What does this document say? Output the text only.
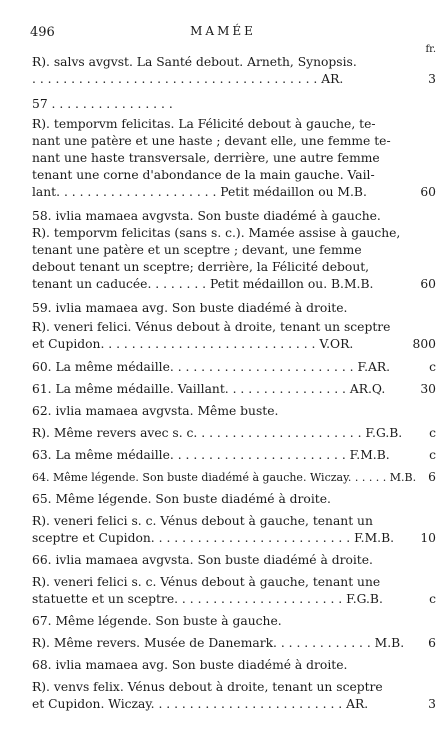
496	MAMÉE
fr.
Ɍ). salvs avgvst. La Santé debout. Arneth, Synopsis.
. . . . . . . . . . . . . . . . . . . . . . . . . . . . . . . . . . . . . AR.	3
57 . . . . . . . . . . . . . . . .
Ɍ). temporvm felicitas. La Félicité debout à gauche, te-
nant une patère et une haste ; devant elle, une femme te-
nant une haste transversale, derrière, une autre femme
tenant une corne d'abondance de la main gauche. Vail-
lant. . . . . . . . . . . . . . . . . . . . . Petit médaillon ou M.B.	60
58. ivlia mamaea avgvsta. Son buste diadémé à gauche.
Ɍ). temporvm felicitas (sans s. c.). Mamée assise à gauche,
tenant une patère et un sceptre ; devant, une femme
debout tenant un sceptre; derrière, la Félicité debout,
tenant un caducée. . . . . . . . Petit médaillon ou. B.M.B.	60
59. ivlia mamaea avg. Son buste diadémé à droite.
Ɍ). veneri felici. Vénus debout à droite, tenant un sceptre
et Cupidon. . . . . . . . . . . . . . . . . . . . . . . . . . . . V.OR.	800
60. La même médaille. . . . . . . . . . . . . . . . . . . . . . . . F.AR.	c
61. La même médaille. Vaillant. . . . . . . . . . . . . . . . AR.Q.	30
62. ivlia mamaea avgvsta. Même buste.
Ɍ). Même revers avec s. c. . . . . . . . . . . . . . . . . . . . . . F.G.B.	c
63. La même médaille. . . . . . . . . . . . . . . . . . . . . . . F.M.B.	c
64. Même légende. Son buste diadémé à gauche. Wiczay. . . . . . M.B. 6
65. Même légende. Son buste diadémé à droite.
Ɍ). veneri felici s. c. Vénus debout à gauche, tenant un
sceptre et Cupidon. . . . . . . . . . . . . . . . . . . . . . . . . . F.M.B.	10
66. ivlia mamaea avgvsta. Son buste diadémé à droite.
Ɍ). veneri felici s. c. Vénus debout à gauche, tenant une
statuette et un sceptre. . . . . . . . . . . . . . . . . . . . . . F.G.B.	c
67. Même légende. Son buste à gauche.
Ɍ). Même revers. Musée de Danemark. . . . . . . . . . . . . M.B.	6
68. ivlia mamaea avg. Son buste diadémé à droite.
Ɍ). venvs felix. Vénus debout à droite, tenant un sceptre
et Cupidon. Wiczay. . . . . . . . . . . . . . . . . . . . . . . . . AR.	3
